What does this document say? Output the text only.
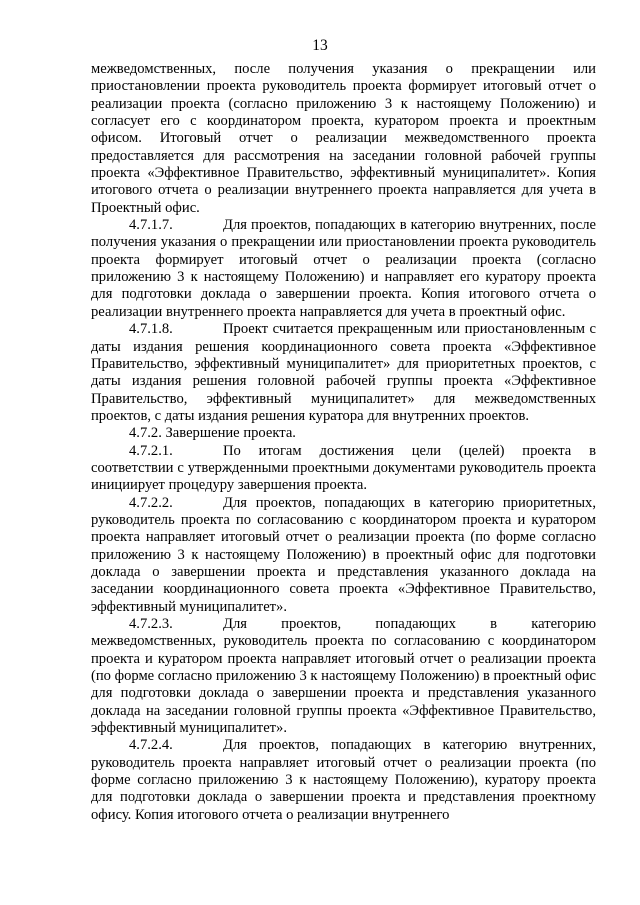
13

межведомственных, после получения указания о прекращении или приостановлении проекта руководитель проекта формирует итоговый отчет о реализации проекта (согласно приложению 3 к настоящему Положению) и согласует его с координатором проекта, куратором проекта и проектным офисом. Итоговый отчет о реализации межведомственного проекта предоставляется для рассмотрения на заседании головной рабочей группы проекта «Эффективное Правительство, эффективный муниципалитет». Копия итогового отчета о реализации внутреннего проекта направляется для учета в Проектный офис.

4.7.1.7.	Для проектов, попадающих в категорию внутренних, после получения указания о прекращении или приостановлении проекта руководитель проекта формирует итоговый отчет о реализации проекта (согласно приложению 3 к настоящему Положению) и направляет его куратору проекта для подготовки доклада о завершении проекта. Копия итогового отчета о реализации внутреннего проекта направляется для учета в проектный офис.

4.7.1.8.	Проект считается прекращенным или приостановленным с даты издания решения координационного совета проекта «Эффективное Правительство, эффективный муниципалитет» для приоритетных проектов, с даты издания решения головной рабочей группы проекта «Эффективное Правительство, эффективный муниципалитет» для межведомственных проектов, с даты издания решения куратора для внутренних проектов.

4.7.2. Завершение проекта.

4.7.2.1.	По итогам достижения цели (целей) проекта в соответствии с утвержденными проектными документами руководитель проекта инициирует процедуру завершения проекта.

4.7.2.2.	Для проектов, попадающих в категорию приоритетных, руководитель проекта по согласованию с координатором проекта и куратором проекта направляет итоговый отчет о реализации проекта (по форме согласно приложению 3 к настоящему Положению) в проектный офис для подготовки доклада о завершении проекта и представления указанного доклада на заседании координационного совета проекта «Эффективное Правительство, эффективный муниципалитет».

4.7.2.3.	Для проектов, попадающих в категорию межведомственных, руководитель проекта по согласованию с координатором проекта и куратором проекта направляет итоговый отчет о реализации проекта (по форме согласно приложению 3 к настоящему Положению) в проектный офис для подготовки доклада о завершении проекта и представления указанного доклада на заседании головной группы проекта «Эффективное Правительство, эффективный муниципалитет».

4.7.2.4.	Для проектов, попадающих в категорию внутренних, руководитель проекта направляет итоговый отчет о реализации проекта (по форме согласно приложению 3 к настоящему Положению), куратору проекта для подготовки доклада о завершении проекта и представления проектному офису. Копия итогового отчета о реализации внутреннего
